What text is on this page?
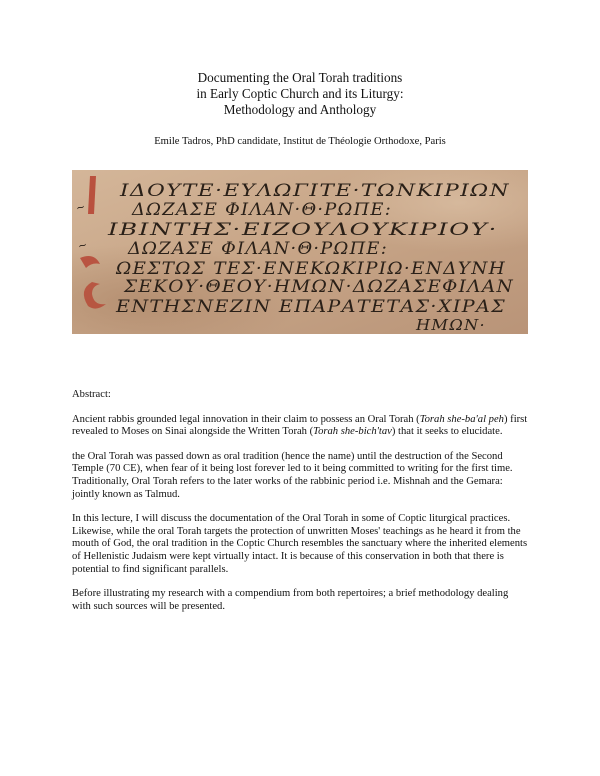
Documenting the Oral Torah traditions
in Early Coptic Church and its Liturgy:
Methodology and Anthology
Emile Tadros, PhD candidate, Institut de Théologie Orthodoxe, Paris
ΙΔΟΥΤΕ·ΕΥΛΩΓΙΤΕ·ΤΩΝΚΙΡΙΩΝ
ΔΩΖΑΣΕ ΦΙΛΑΝ·Θ·ΡΩΠΕ:
ΙΒΙΝΤΗΣ·ΕΙΖΟΥΛΟΥΚΙΡΙΟΥ·
ΔΩΖΑΣΕ ΦΙΛΑΝ·Θ·ΡΩΠΕ:
ΩΕΣΤΩΣ ΤΕΣ·ΕΝΕΚΩΚΙΡΙΩ·ΕΝΔΥΝΗ
ΣΕΚΟΥ·ΘΕΟΥ·ΗΜΩΝ·ΔΩΖΑΣΕΦΙΛΑΝ
ΕΝΤΗΣΝΕΖΙΝ ΕΠΑΡΑΤΕΤΑΣ·ΧΙΡΑΣ
ΗΜΩΝ·
~
~

Abstract:

Ancient rabbis grounded legal innovation in their claim to possess an Oral Torah (Torah she-ba'al peh) first revealed to Moses on Sinai alongside the Written Torah (Torah she-bich'tav) that it seeks to elucidate.

the Oral Torah was passed down as oral tradition (hence the name) until the destruction of the Second Temple (70 CE), when fear of it being lost forever led to it being committed to writing for the first time. Traditionally, Oral Torah refers to the later works of the rabbinic period i.e. Mishnah and the Gemara: jointly known as Talmud.

In this lecture, I will discuss the documentation of the Oral Torah in some of Coptic liturgical practices. Likewise, while the oral Torah targets the protection of unwritten Moses' teachings as he heard it from the mouth of God, the oral tradition in the Coptic Church resembles the sanctuary where the inherited elements of Hellenistic Judaism were kept virtually intact. It is because of this conservation in both that there is potential to find significant parallels.

Before illustrating my research with a compendium from both repertoires; a brief methodology dealing with such sources will be presented.
